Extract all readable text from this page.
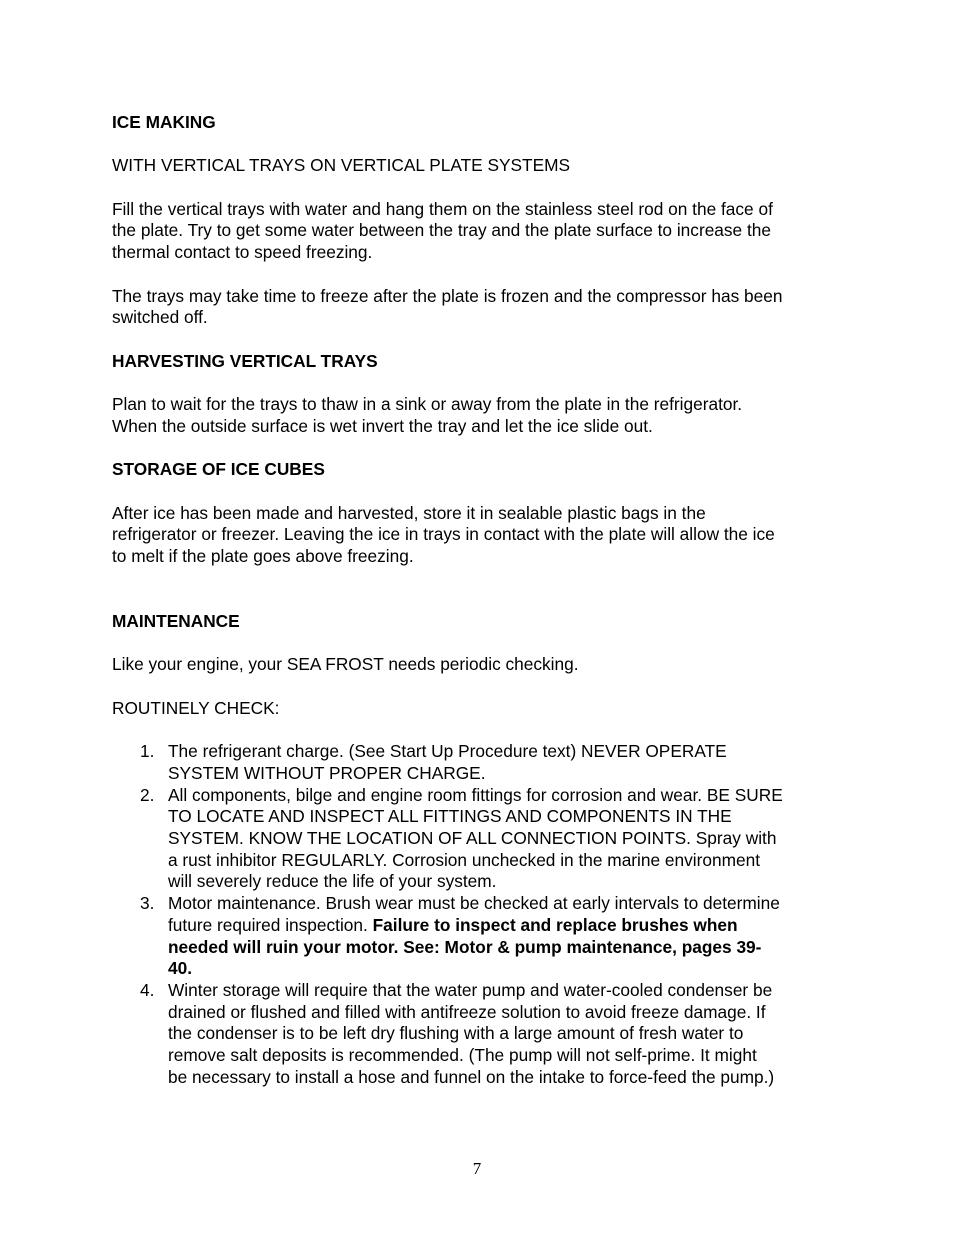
ICE MAKING

WITH VERTICAL TRAYS ON VERTICAL PLATE SYSTEMS

Fill the vertical trays with water and hang them on the stainless steel rod on the face of

the plate. Try to get some water between the tray and the plate surface to increase the

thermal contact to speed freezing.

The trays may take time to freeze after the plate is frozen and the compressor has been

switched off.

HARVESTING VERTICAL TRAYS

Plan to wait for the trays to thaw in a sink or away from the plate in the refrigerator.

When the outside surface is wet invert the tray and let the ice slide out.

STORAGE OF ICE CUBES

After ice has been made and harvested, store it in sealable plastic bags in the

refrigerator or freezer. Leaving the ice in trays in contact with the plate will allow the ice

to melt if the plate goes above freezing.

MAINTENANCE

Like your engine, your SEA FROST needs periodic checking.

ROUTINELY CHECK:

1. The refrigerant charge. (See Start Up Procedure text) NEVER OPERATE

SYSTEM WITHOUT PROPER CHARGE.

2. All components, bilge and engine room fittings for corrosion and wear. BE SURE

TO LOCATE AND INSPECT ALL FITTINGS AND COMPONENTS IN THE

SYSTEM. KNOW THE LOCATION OF ALL CONNECTION POINTS. Spray with

a rust inhibitor REGULARLY. Corrosion unchecked in the marine environment

will severely reduce the life of your system.

3. Motor maintenance. Brush wear must be checked at early intervals to determine

future required inspection. Failure to inspect and replace brushes when

needed will ruin your motor. See: Motor & pump maintenance, pages 39-

40.

4. Winter storage will require that the water pump and water-cooled condenser be

drained or flushed and filled with antifreeze solution to avoid freeze damage. If

the condenser is to be left dry flushing with a large amount of fresh water to

remove salt deposits is recommended. (The pump will not self-prime. It might

be necessary to install a hose and funnel on the intake to force-feed the pump.)

7
